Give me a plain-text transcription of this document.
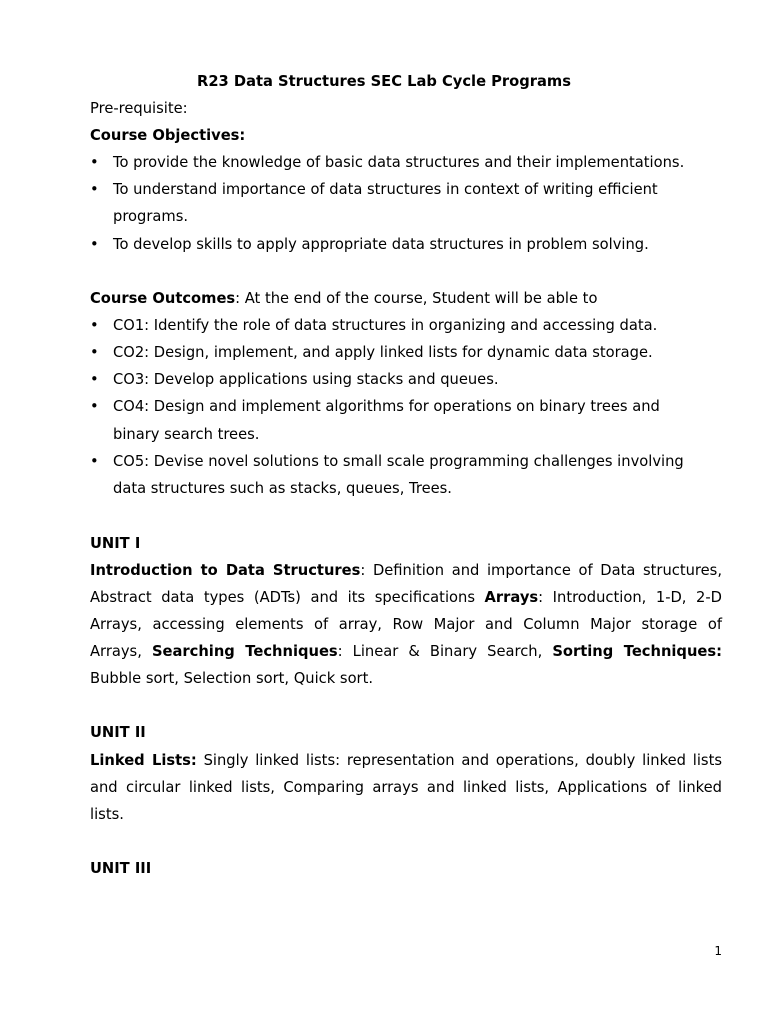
R23 Data Structures SEC Lab Cycle Programs
Pre-requisite:
Course Objectives:
• To provide the knowledge of basic data structures and their implementations.
• To understand importance of data structures in context of writing efficient
programs.
• To develop skills to apply appropriate data structures in problem solving.
Course Outcomes: At the end of the course, Student will be able to
• CO1: Identify the role of data structures in organizing and accessing data.
• CO2: Design, implement, and apply linked lists for dynamic data storage.
• CO3: Develop applications using stacks and queues.
• CO4: Design and implement algorithms for operations on binary trees and
binary search trees.
• CO5: Devise novel solutions to small scale programming challenges involving
data structures such as stacks, queues, Trees.
UNIT I
Introduction to Data Structures: Definition and importance of Data structures,
Abstract data types (ADTs) and its specifications Arrays: Introduction, 1-D, 2-D
Arrays, accessing elements of array, Row Major and Column Major storage of
Arrays, Searching Techniques: Linear & Binary Search, Sorting Techniques:
Bubble sort, Selection sort, Quick sort.
UNIT II
Linked Lists: Singly linked lists: representation and operations, doubly linked lists
and circular linked lists, Comparing arrays and linked lists, Applications of linked
lists.
UNIT III
1
